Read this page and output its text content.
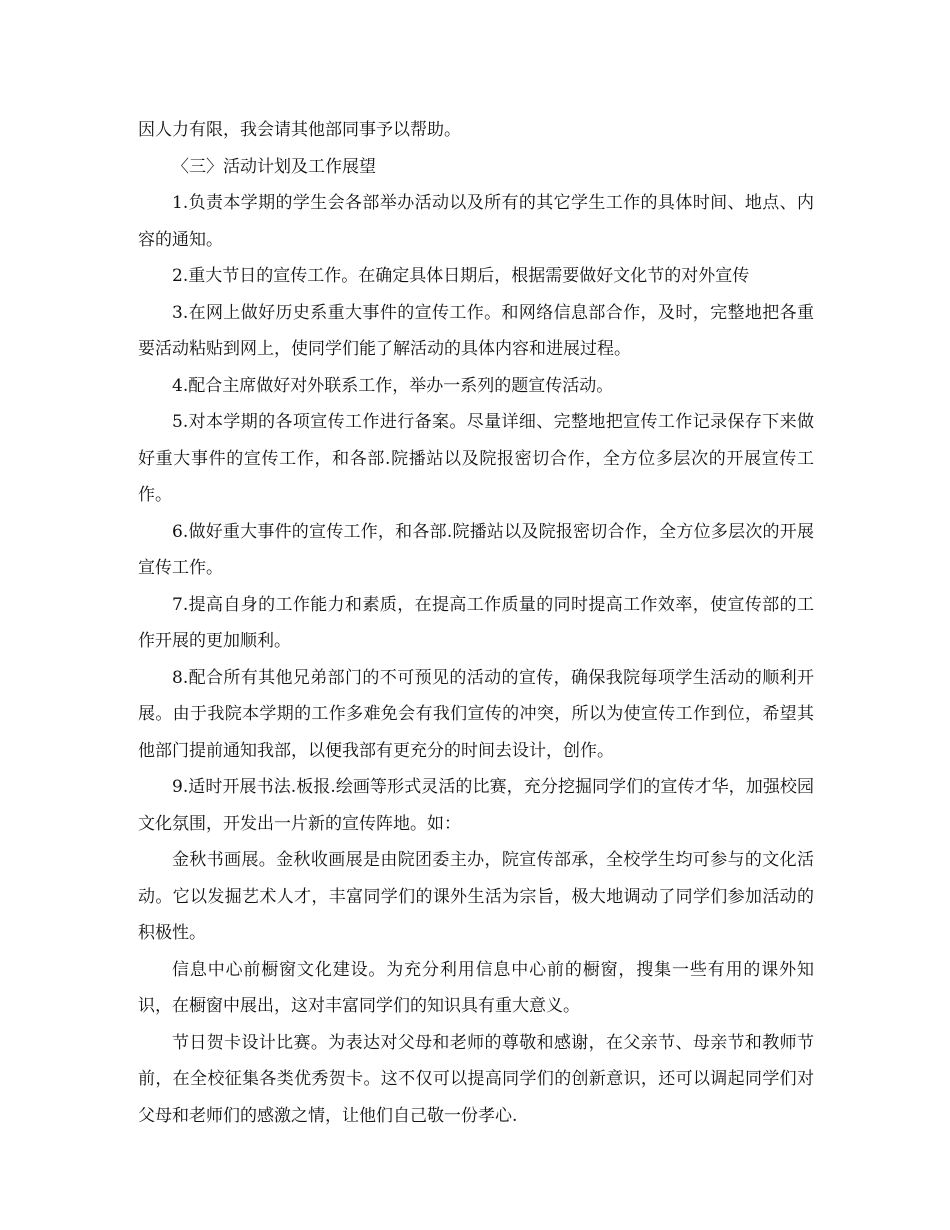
因人力有限，我会请其他部同事予以帮助。

〈三〉活动计划及工作展望

1.负责本学期的学生会各部举办活动以及所有的其它学生工作的具体时间、地点、内容的通知。

2.重大节日的宣传工作。在确定具体日期后，根据需要做好文化节的对外宣传

3.在网上做好历史系重大事件的宣传工作。和网络信息部合作，及时，完整地把各重要活动粘贴到网上，使同学们能了解活动的具体内容和进展过程。

4.配合主席做好对外联系工作，举办一系列的题宣传活动。

5.对本学期的各项宣传工作进行备案。尽量详细、完整地把宣传工作记录保存下来做好重大事件的宣传工作，和各部.院播站以及院报密切合作，全方位多层次的开展宣传工作。

6.做好重大事件的宣传工作，和各部.院播站以及院报密切合作，全方位多层次的开展宣传工作。

7.提高自身的工作能力和素质，在提高工作质量的同时提高工作效率，使宣传部的工作开展的更加顺利。

8.配合所有其他兄弟部门的不可预见的活动的宣传，确保我院每项学生活动的顺利开展。由于我院本学期的工作多难免会有我们宣传的冲突，所以为使宣传工作到位，希望其他部门提前通知我部，以便我部有更充分的时间去设计，创作。

9.适时开展书法.板报.绘画等形式灵活的比赛，充分挖掘同学们的宣传才华，加强校园文化氛围，开发出一片新的宣传阵地。如：

金秋书画展。金秋收画展是由院团委主办，院宣传部承，全校学生均可参与的文化活动。它以发掘艺术人才，丰富同学们的课外生活为宗旨，极大地调动了同学们参加活动的积极性。

信息中心前橱窗文化建设。为充分利用信息中心前的橱窗，搜集一些有用的课外知识，在橱窗中展出，这对丰富同学们的知识具有重大意义。

节日贺卡设计比赛。为表达对父母和老师的尊敬和感谢，在父亲节、母亲节和教师节前，在全校征集各类优秀贺卡。这不仅可以提高同学们的创新意识，还可以调起同学们对父母和老师们的感激之情，让他们自己敬一份孝心.
